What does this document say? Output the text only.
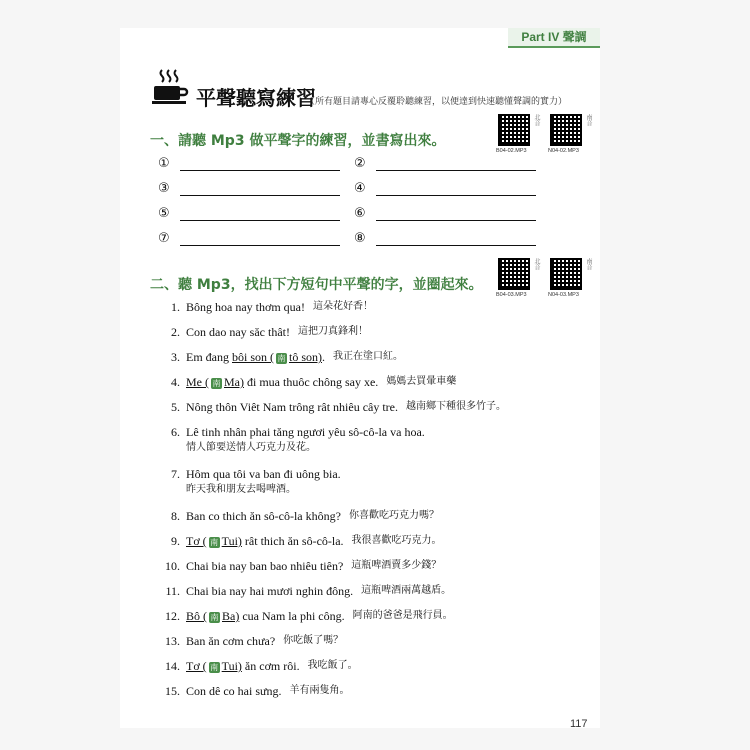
Part IV 聲調
平聲聽寫練習
（所有題目請專心反覆聆聽練習，以便達到快速聽懂聲調的實力）
一、請聽 Mp3 做平聲字的練習，並書寫出來。
北音
B04-02.MP3
南音
N04-02.MP3
①	②
③	④
⑤	⑥
⑦	⑧
二、聽 Mp3，找出下方短句中平聲的字，並圈起來。
北音
B04-03.MP3
南音
N04-03.MP3
1. Bông hoa nay thơm qua! 這朵花好香！
2. Con dao nay săc thât! 這把刀真鋒利！
3. Em đang bôi son ( 南 tô son). 我正在塗口紅。
4. Me ( 南 Ma) đi mua thuôc chông say xe. 媽媽去買暈車藥
5. Nông thôn Viêt Nam trông rât nhiêu cây tre. 越南鄉下種很多竹子。
6. Lê tinh nhân phai tăng ngươi yêu sô-cô-la va hoa.
情人節要送情人巧克力及花。
7. Hôm qua tôi va ban đi uông bia.
昨天我和朋友去喝啤酒。
8. Ban co thich ăn sô-cô-la không? 你喜歡吃巧克力嗎？
9. Tơ ( 南 Tui) rât thich ăn sô-cô-la. 我很喜歡吃巧克力。
10. Chai bia nay ban bao nhiêu tiên? 這瓶啤酒賣多少錢？
11. Chai bia nay hai mươi nghin đông. 這瓶啤酒兩萬越盾。
12. Bô ( 南 Ba) cua Nam la phi công. 阿南的爸爸是飛行員。
13. Ban ăn cơm chưa? 你吃飯了嗎？
14. Tơ ( 南 Tui) ăn cơm rôi. 我吃飯了。
15. Con dê co hai sưng. 羊有兩隻角。
117
